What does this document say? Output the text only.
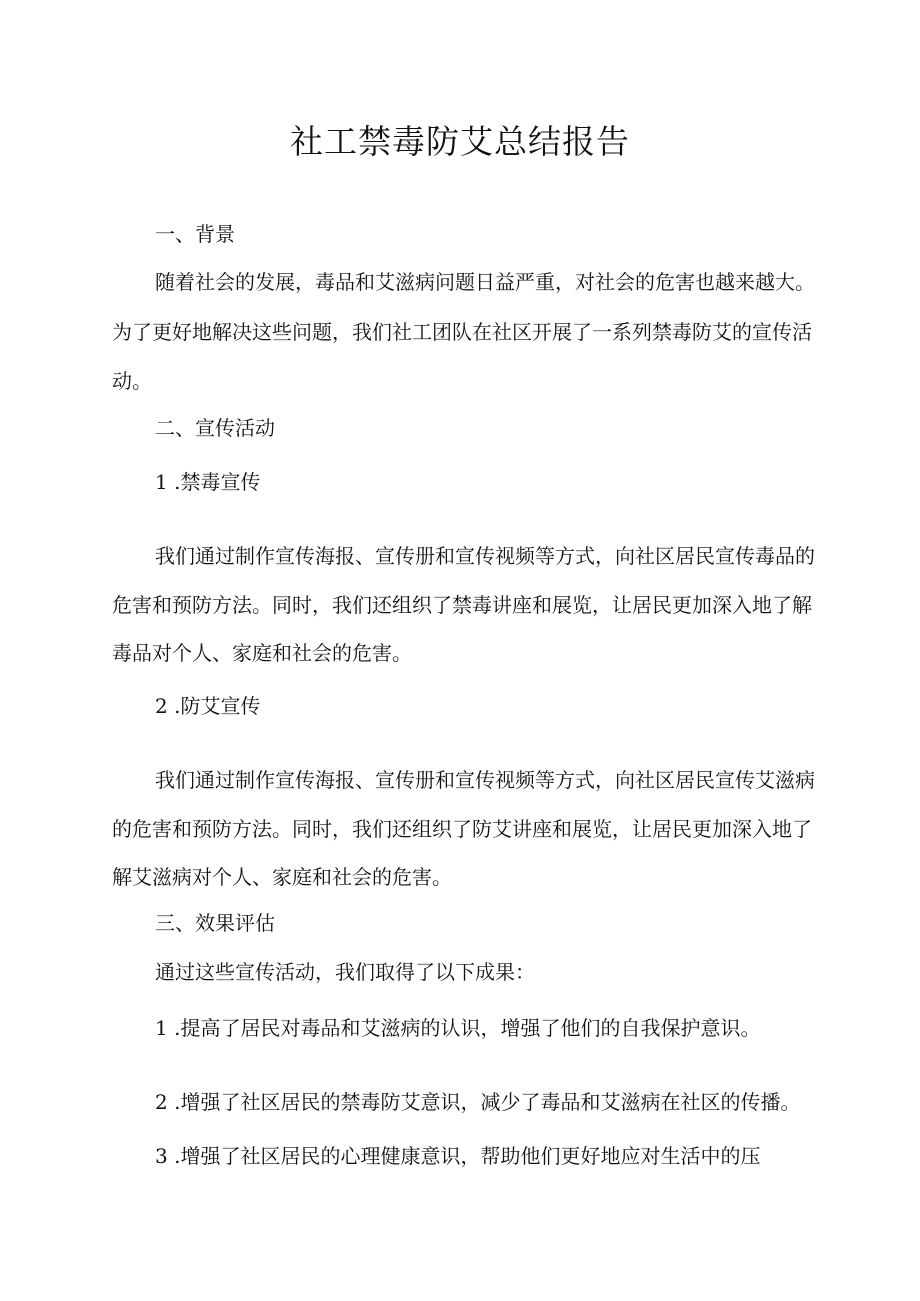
社工禁毒防艾总结报告

一、背景

随着社会的发展，毒品和艾滋病问题日益严重，对社会的危害也越来越大。

为了更好地解决这些问题，我们社工团队在社区开展了一系列禁毒防艾的宣传活

动。

二、宣传活动

1 .禁毒宣传

我们通过制作宣传海报、宣传册和宣传视频等方式，向社区居民宣传毒品的

危害和预防方法。同时，我们还组织了禁毒讲座和展览，让居民更加深入地了解

毒品对个人、家庭和社会的危害。

2 .防艾宣传

我们通过制作宣传海报、宣传册和宣传视频等方式，向社区居民宣传艾滋病

的危害和预防方法。同时，我们还组织了防艾讲座和展览，让居民更加深入地了

解艾滋病对个人、家庭和社会的危害。

三、效果评估

通过这些宣传活动，我们取得了以下成果：

1 .提高了居民对毒品和艾滋病的认识，增强了他们的自我保护意识。

2 .增强了社区居民的禁毒防艾意识，减少了毒品和艾滋病在社区的传播。

3 .增强了社区居民的心理健康意识，帮助他们更好地应对生活中的压
